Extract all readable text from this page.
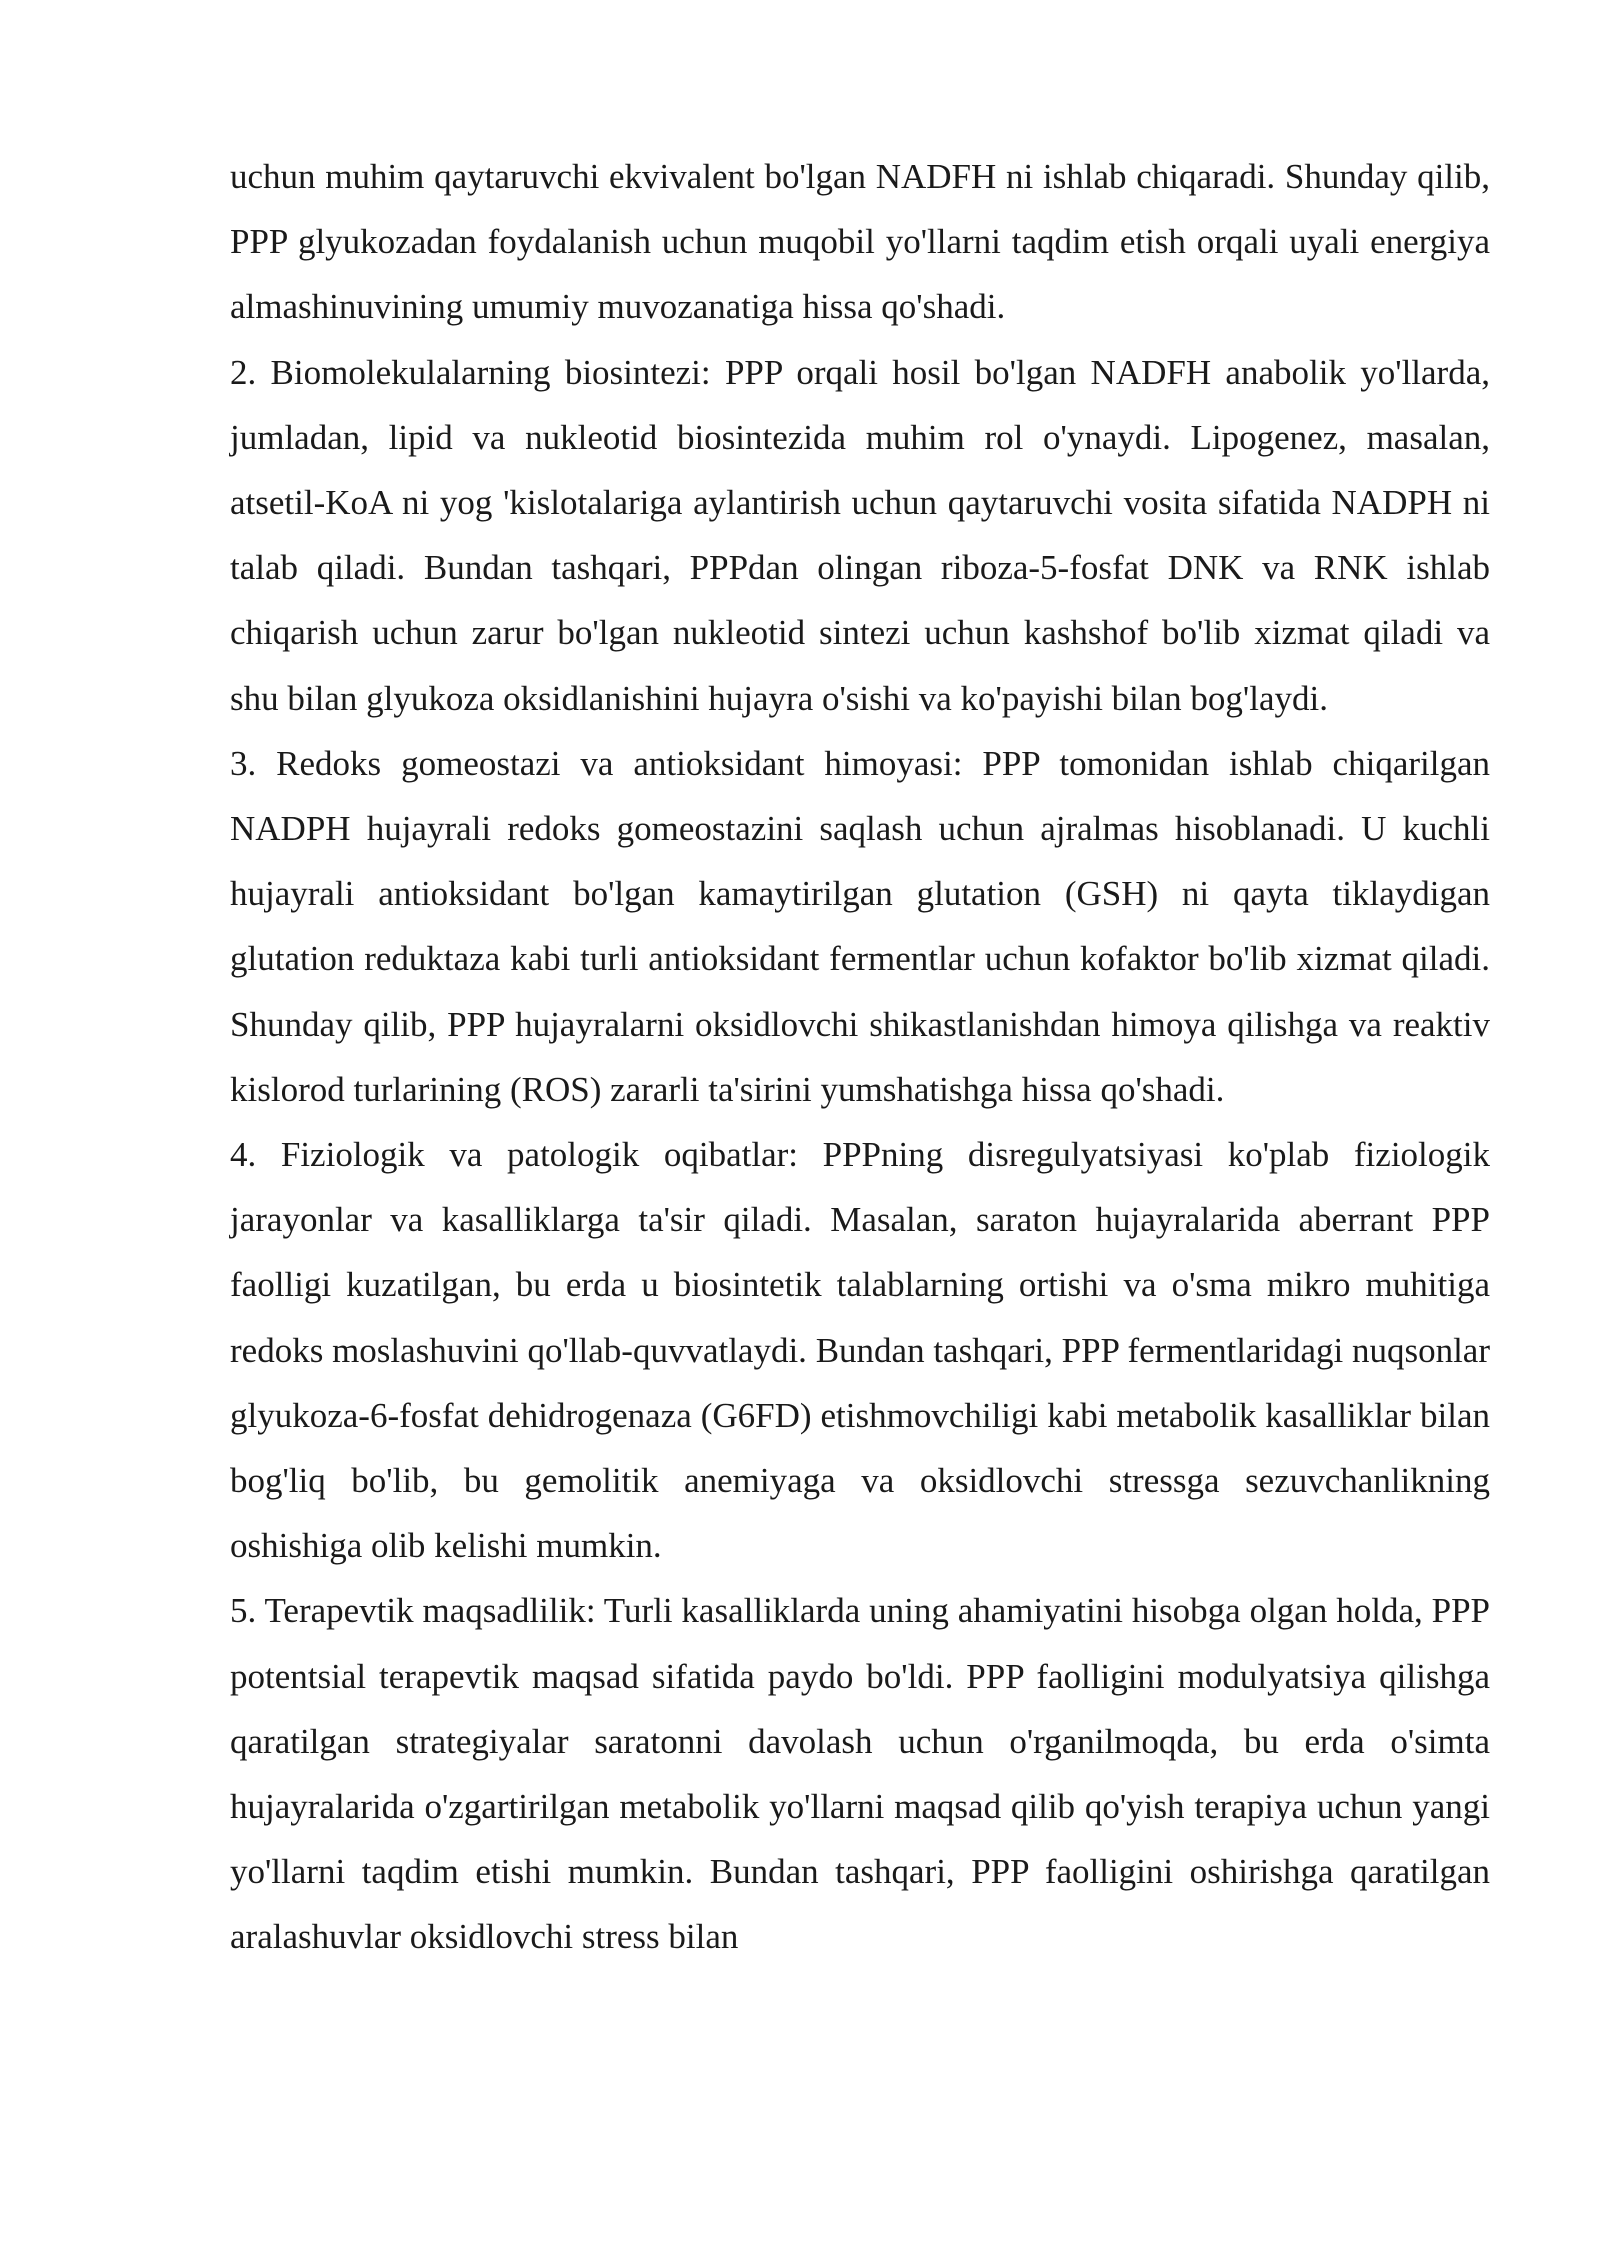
uchun muhim qaytaruvchi ekvivalent bo'lgan NADFH ni ishlab chiqaradi. Shunday qilib, PPP glyukozadan foydalanish uchun muqobil yo'llarni taqdim etish orqali uyali energiya almashinuvining umumiy muvozanatiga hissa qo'shadi.

2. Biomolekulalarning biosintezi: PPP orqali hosil bo'lgan NADFH anabolik yo'llarda, jumladan, lipid va nukleotid biosintezida muhim rol o'ynaydi. Lipogenez, masalan, atsetil-KoA ni yog 'kislotalariga aylantirish uchun qaytaruvchi vosita sifatida NADPH ni talab qiladi. Bundan tashqari, PPPdan olingan riboza-5-fosfat DNK va RNK ishlab chiqarish uchun zarur bo'lgan nukleotid sintezi uchun kashshof bo'lib xizmat qiladi va shu bilan glyukoza oksidlanishini hujayra o'sishi va ko'payishi bilan bog'laydi.

3. Redoks gomeostazi va antioksidant himoyasi: PPP tomonidan ishlab chiqarilgan NADPH hujayrali redoks gomeostazini saqlash uchun ajralmas hisoblanadi. U kuchli hujayrali antioksidant bo'lgan kamaytirilgan glutation (GSH) ni qayta tiklaydigan glutation reduktaza kabi turli antioksidant fermentlar uchun kofaktor bo'lib xizmat qiladi. Shunday qilib, PPP hujayralarni oksidlovchi shikastlanishdan himoya qilishga va reaktiv kislorod turlarining (ROS) zararli ta'sirini yumshatishga hissa qo'shadi.

4. Fiziologik va patologik oqibatlar: PPPning disregulyatsiyasi ko'plab fiziologik jarayonlar va kasalliklarga ta'sir qiladi. Masalan, saraton hujayralarida aberrant PPP faolligi kuzatilgan, bu erda u biosintetik talablarning ortishi va o'sma mikro muhitiga redoks moslashuvini qo'llab-quvvatlaydi. Bundan tashqari, PPP fermentlaridagi nuqsonlar glyukoza-6-fosfat dehidrogenaza (G6FD) etishmovchiligi kabi metabolik kasalliklar bilan bog'liq bo'lib, bu gemolitik anemiyaga va oksidlovchi stressga sezuvchanlikning oshishiga olib kelishi mumkin.

5. Terapevtik maqsadlilik: Turli kasalliklarda uning ahamiyatini hisobga olgan holda, PPP potentsial terapevtik maqsad sifatida paydo bo'ldi. PPP faolligini modulyatsiya qilishga qaratilgan strategiyalar saratonni davolash uchun o'rganilmoqda, bu erda o'simta hujayralarida o'zgartirilgan metabolik yo'llarni maqsad qilib qo'yish terapiya uchun yangi yo'llarni taqdim etishi mumkin. Bundan tashqari, PPP faolligini oshirishga qaratilgan aralashuvlar oksidlovchi stress bilan
